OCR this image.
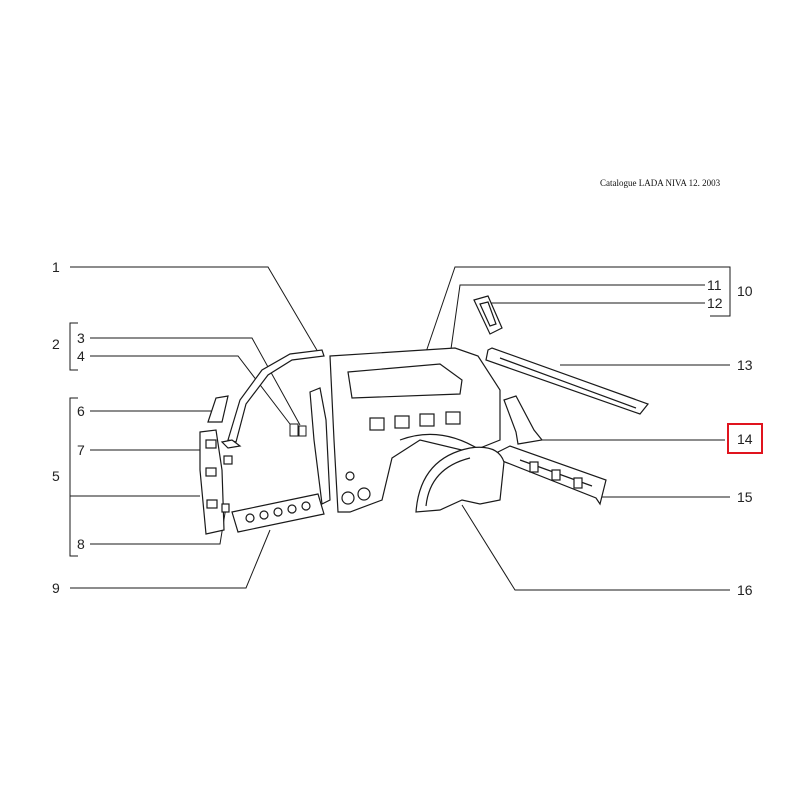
Catalogue LADA NIVA 12. 2003
1
2 3
4
5
6
7
8
9
10
11
12
13
14
15
16
